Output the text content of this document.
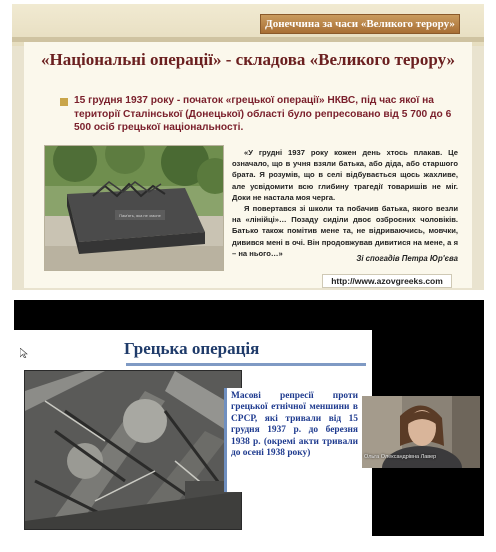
Донеччина за часи «Великого терору»
«Національні операції» - складова «Великого терору»
15 грудня 1937 року - початок «грецької операції» НКВС, під час якої на території Сталінської (Донецької) області було репресовано від 5 700 до 6 500 осіб грецької національності.
Пам'ять, яка не згасне

«У грудні 1937 року кожен день хтось плакав. Це означало, що в учня взяли батька, або діда, або старшого брата. Я розумів, що в селі відбувається щось жахливе, але усвідомити всю глибину трагедії товаришів не міг. Доки не настала моя черга.

Я повертався зі школи та побачив батька, якого везли на «лінійці»… Позаду сиділи двоє озброєних чоловіків. Батько також помітив мене та, не відриваючись, мовчки, дивився мені в очі. Він продовжував дивитися на мене, а я – на нього…»

Зі спогадів Петра Юр'єва
http://www.azovgreeks.com
Грецька операція
Масові репресії проти грецької етнічної меншини в СРСР, які тривали від 15 грудня 1937 р. до березня 1938 р. (окремі акти тривали до осені 1938 року)	Ольга Олександрівна Лавер
